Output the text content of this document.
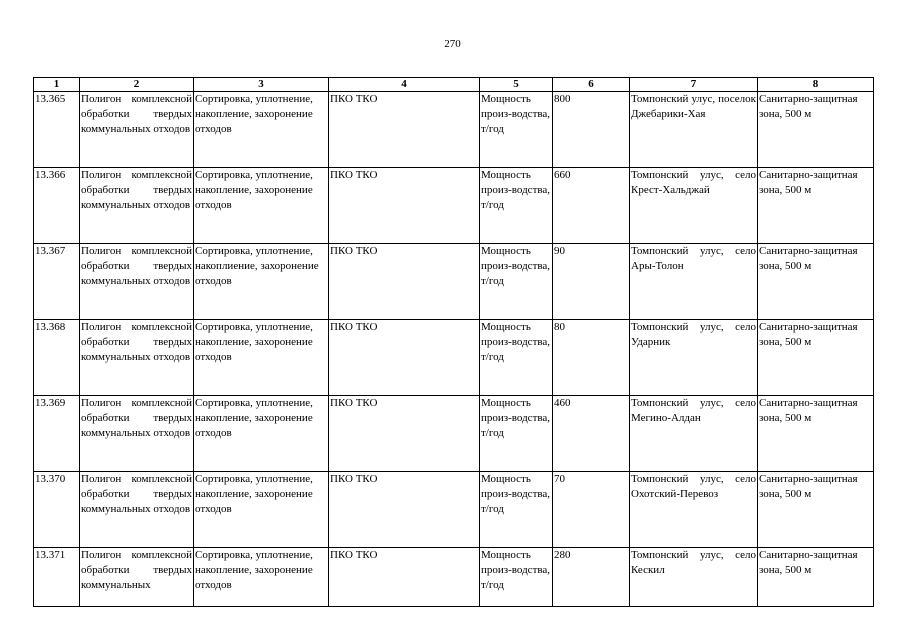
270
1	2	3	4	5	6	7	8
13.365	Полигон комплексной обработки твердых коммунальных отходов	Сортировка, уплотнение, накопление, захоронение отходов	ПКО ТКО	Мощность произ-водства, т/год	800	Томпонский улус, поселок Джебарики-Хая	Санитарно-защитная зона, 500 м
13.366	Полигон комплексной обработки твердых коммунальных отходов	Сортировка, уплотнение, накопление, захоронение отходов	ПКО ТКО	Мощность произ-водства, т/год	660	Томпонский улус, село Крест-Хальджай	Санитарно-защитная зона, 500 м
13.367	Полигон комплексной обработки твердых коммунальных отходов	Сортировка, уплотнение, накоплиение, захоронение отходов	ПКО ТКО	Мощность произ-водства, т/год	90	Томпонский улус, село Ары-Толон	Санитарно-защитная зона, 500 м
13.368	Полигон комплексной обработки твердых коммунальных отходов	Сортировка, уплотнение, накопление, захоронение отходов	ПКО ТКО	Мощность произ-водства, т/год	80	Томпонский улус, село Ударник	Санитарно-защитная зона, 500 м
13.369	Полигон комплексной обработки твердых коммунальных отходов	Сортировка, уплотнение, накопление, захоронение отходов	ПКО ТКО	Мощность произ-водства, т/год	460	Томпонский улус, село Мегино-Алдан	Санитарно-защитная зона, 500 м
13.370	Полигон комплексной обработки твердых коммунальных отходов	Сортировка, уплотнение, накопление, захоронение отходов	ПКО ТКО	Мощность произ-водства, т/год	70	Томпонский улус, село Охотский-Перевоз	Санитарно-защитная зона, 500 м

13.371	Полигон комплексной обработки твердых коммунальных	Сортировка, уплотнение, накопление, захоронение отходов	ПКО ТКО	Мощность произ-водства, т/год	280	Томпонский улус, село Кескил	Санитарно-защитная зона, 500 м
